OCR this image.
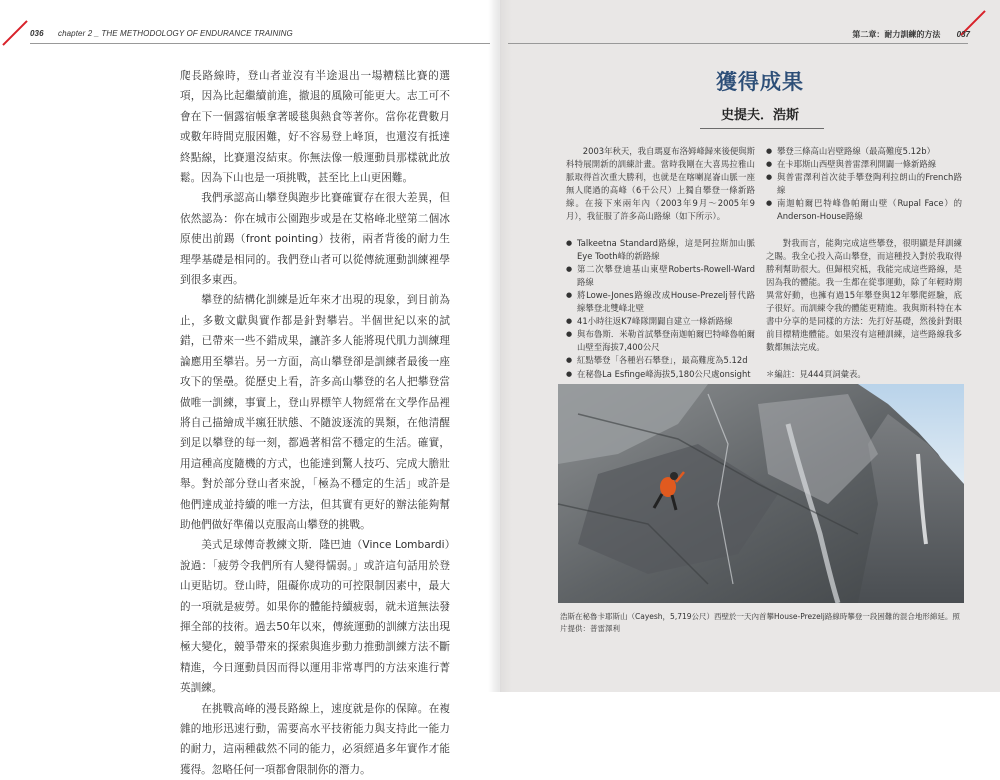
036 chapter 2 _ THE METHODOLOGY OF ENDURANCE TRAINING	第二章：耐力訓練的方法 037

爬長路線時，登山者並沒有半途退出一場糟糕比賽的選項，因為比起繼續前進，撤退的風險可能更大。志工可不會在下一個露宿帳拿著暖毯與熱食等著你。當你花費數月或數年時間克服困難，好不容易登上峰頂，也還沒有抵達終點線，比賽還沒結束。你無法像一般運動員那樣就此放鬆。因為下山也是一項挑戰，甚至比上山更困難。

我們承認高山攀登與跑步比賽確實存在很大差異，但依然認為：你在城市公園跑步或是在艾格峰北壁第二個冰原使出前踢（front pointing）技術，兩者背後的耐力生理學基礎是相同的。我們登山者可以從傳統運動訓練裡學到很多東西。

攀登的結構化訓練是近年來才出現的現象，到目前為止，多數文獻與實作都是針對攀岩。半個世紀以來的試錯，已帶來一些不錯成果，讓許多人能將現代肌力訓練理論應用至攀岩。另一方面，高山攀登卻是訓練者最後一座攻下的堡壘。從歷史上看，許多高山攀登的名人把攀登當做唯一訓練，事實上，登山界標竿人物經常在文學作品裡將自己描繪成半瘋狂狀態、不隨波逐流的異類，在他清醒到足以攀登的每一刻，都過著相當不穩定的生活。確實，用這種高度隨機的方式，也能達到驚人技巧、完成大膽壯舉。對於部分登山者來說，「極為不穩定的生活」或許是他們達成並持續的唯一方法，但其實有更好的辦法能夠幫助他們做好準備以克服高山攀登的挑戰。

美式足球傳奇教練文斯．隆巴迪（Vince Lombardi）說過：「疲勞令我們所有人變得懦弱。」或許這句話用於登山更貼切。登山時，阻礙你成功的可控限制因素中，最大的一項就是疲勞。如果你的體能持續疲弱，就未道無法發揮全部的技術。過去50年以來，傳統運動的訓練方法出現極大變化，競爭帶來的探索與進步動力推動訓練方法不斷精進，今日運動員因而得以運用非常專門的方法來進行菁英訓練。

在挑戰高峰的漫長路線上，速度就是你的保障。在複雜的地形迅速行動，需要高水平技術能力與支持此一能力的耐力，這兩種截然不同的能力，必須經過多年實作才能獲得。忽略任何一項都會限制你的潛力。

獲得成果
史提夫．浩斯

2003年秋天，我自瑪夏布洛姆峰歸來後便與斯科特展開新的訓練計畫。當時我剛在大喜馬拉雅山脈取得首次重大勝利，也就是在喀喇崑崙山脈一座無人爬過的高峰（6千公尺）上獨自攀登一條新路線。在接下來兩年內（2003年9月～2005年9月），我征服了許多高山路線（如下所示）。

● Talkeetna Standard路線，這是阿拉斯加山脈Eye Tooth峰的新路線
● 第二次攀登迪基山東壁Roberts-Rowell-Ward路線
● 將Lowe-Jones路線改成House-Prezelj替代路線攀登北雙峰北壁
● 41小時往返K7峰隊開闢自建立一條新路線
● 與布魯斯．米勒首試攀登南迦帕爾巴特峰魯帕爾山壁至海拔7,400公尺
● 紅點攀登「各種岩石攀登」，最高難度為5.12d
● 在秘魯La Esfinge峰海拔5,180公尺處onsight
● 攀登三條高山岩壁路線（最高難度5.12b）
● 在卡耶斯山西壁與普雷澤利開闢一條新路線
● 與普雷澤利首次徒手攀登陶利拉朗山的French路線
● 南迦帕爾巴特峰魯帕爾山壁（Rupal Face）的Anderson-House路線

對我而言，能夠完成這些攀登，很明顯是拜訓練之賜。我全心投入高山攀登，而這種投入對於我取得勝利幫助很大。但歸根究柢，我能完成這些路線，是因為我的體能。我一生都在從事運動，除了年輕時期異常好動，也擁有過15年攀登與12年攀爬經驗，底子很好。而訓練令我的體能更精進。我與斯科特在本書中分享的是同樣的方法：先打好基礎，然後針對眼前目標精進體能。如果沒有這種訓練，這些路線我多數都無法完成。

＊編註：見444頁詞彙表。

浩斯在秘魯卡耶斯山（Cayesh，5,719公尺）西壁於一天內首攀House-Prezelj路線時攀登一段困難的混合地形綿延。照片提供：普雷澤利
